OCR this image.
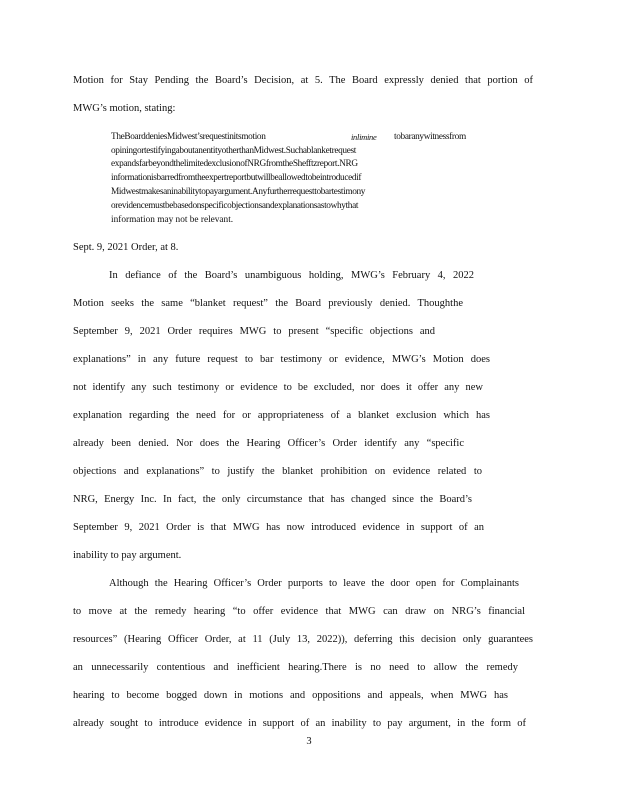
Motion for Stay Pending the Board’s Decision, at 5. The Board expressly denied that portion of
MWG’s motion, stating:
TheBoarddeniesMidwest’srequestinitsmotion	inlimine tobaranywitnessfrom
opiningortestifyingaboutanentityotherthanMidwest.Suchablanketrequest
expandsfarbeyondthelimitedexclusionofNRGfromtheShefftzreport.NRG
informationisbarredfromtheexpertreportbutwillbeallowedtobeintroducedif
Midwestmakesaninabilitytopayargument.Anyfurtherrequesttobartestimony
orevidencemustbebasedonspecificobjectionsandexplanationsastowhythat
information may not be relevant.
Sept. 9, 2021 Order, at 8.
In defiance of the Board’s unambiguous holding, MWG’s February 4, 2022
Motion seeks the same “blanket request” the Board previously denied. Thoughthe
September 9, 2021 Order requires MWG to present “specific objections and
explanations” in any future request to bar testimony or evidence, MWG’s Motion does
not identify any such testimony or evidence to be excluded, nor does it offer any new
explanation regarding the need for or appropriateness of a blanket exclusion which has
already been denied. Nor does the Hearing Officer’s Order identify any “specific
objections and explanations” to justify the blanket prohibition on evidence related to
NRG, Energy Inc. In fact, the only circumstance that has changed since the Board’s
September 9, 2021 Order is that MWG has now introduced evidence in support of an
inability to pay argument.
Although the Hearing Officer’s Order purports to leave the door open for Complainants
to move at the remedy hearing “to offer evidence that MWG can draw on NRG’s financial
resources” (Hearing Officer Order, at 11 (July 13, 2022)), deferring this decision only guarantees
an unnecessarily contentious and inefficient hearing.There is no need to allow the remedy
hearing to become bogged down in motions and oppositions and appeals, when MWG has
already sought to introduce evidence in support of an inability to pay argument, in the form of
3
